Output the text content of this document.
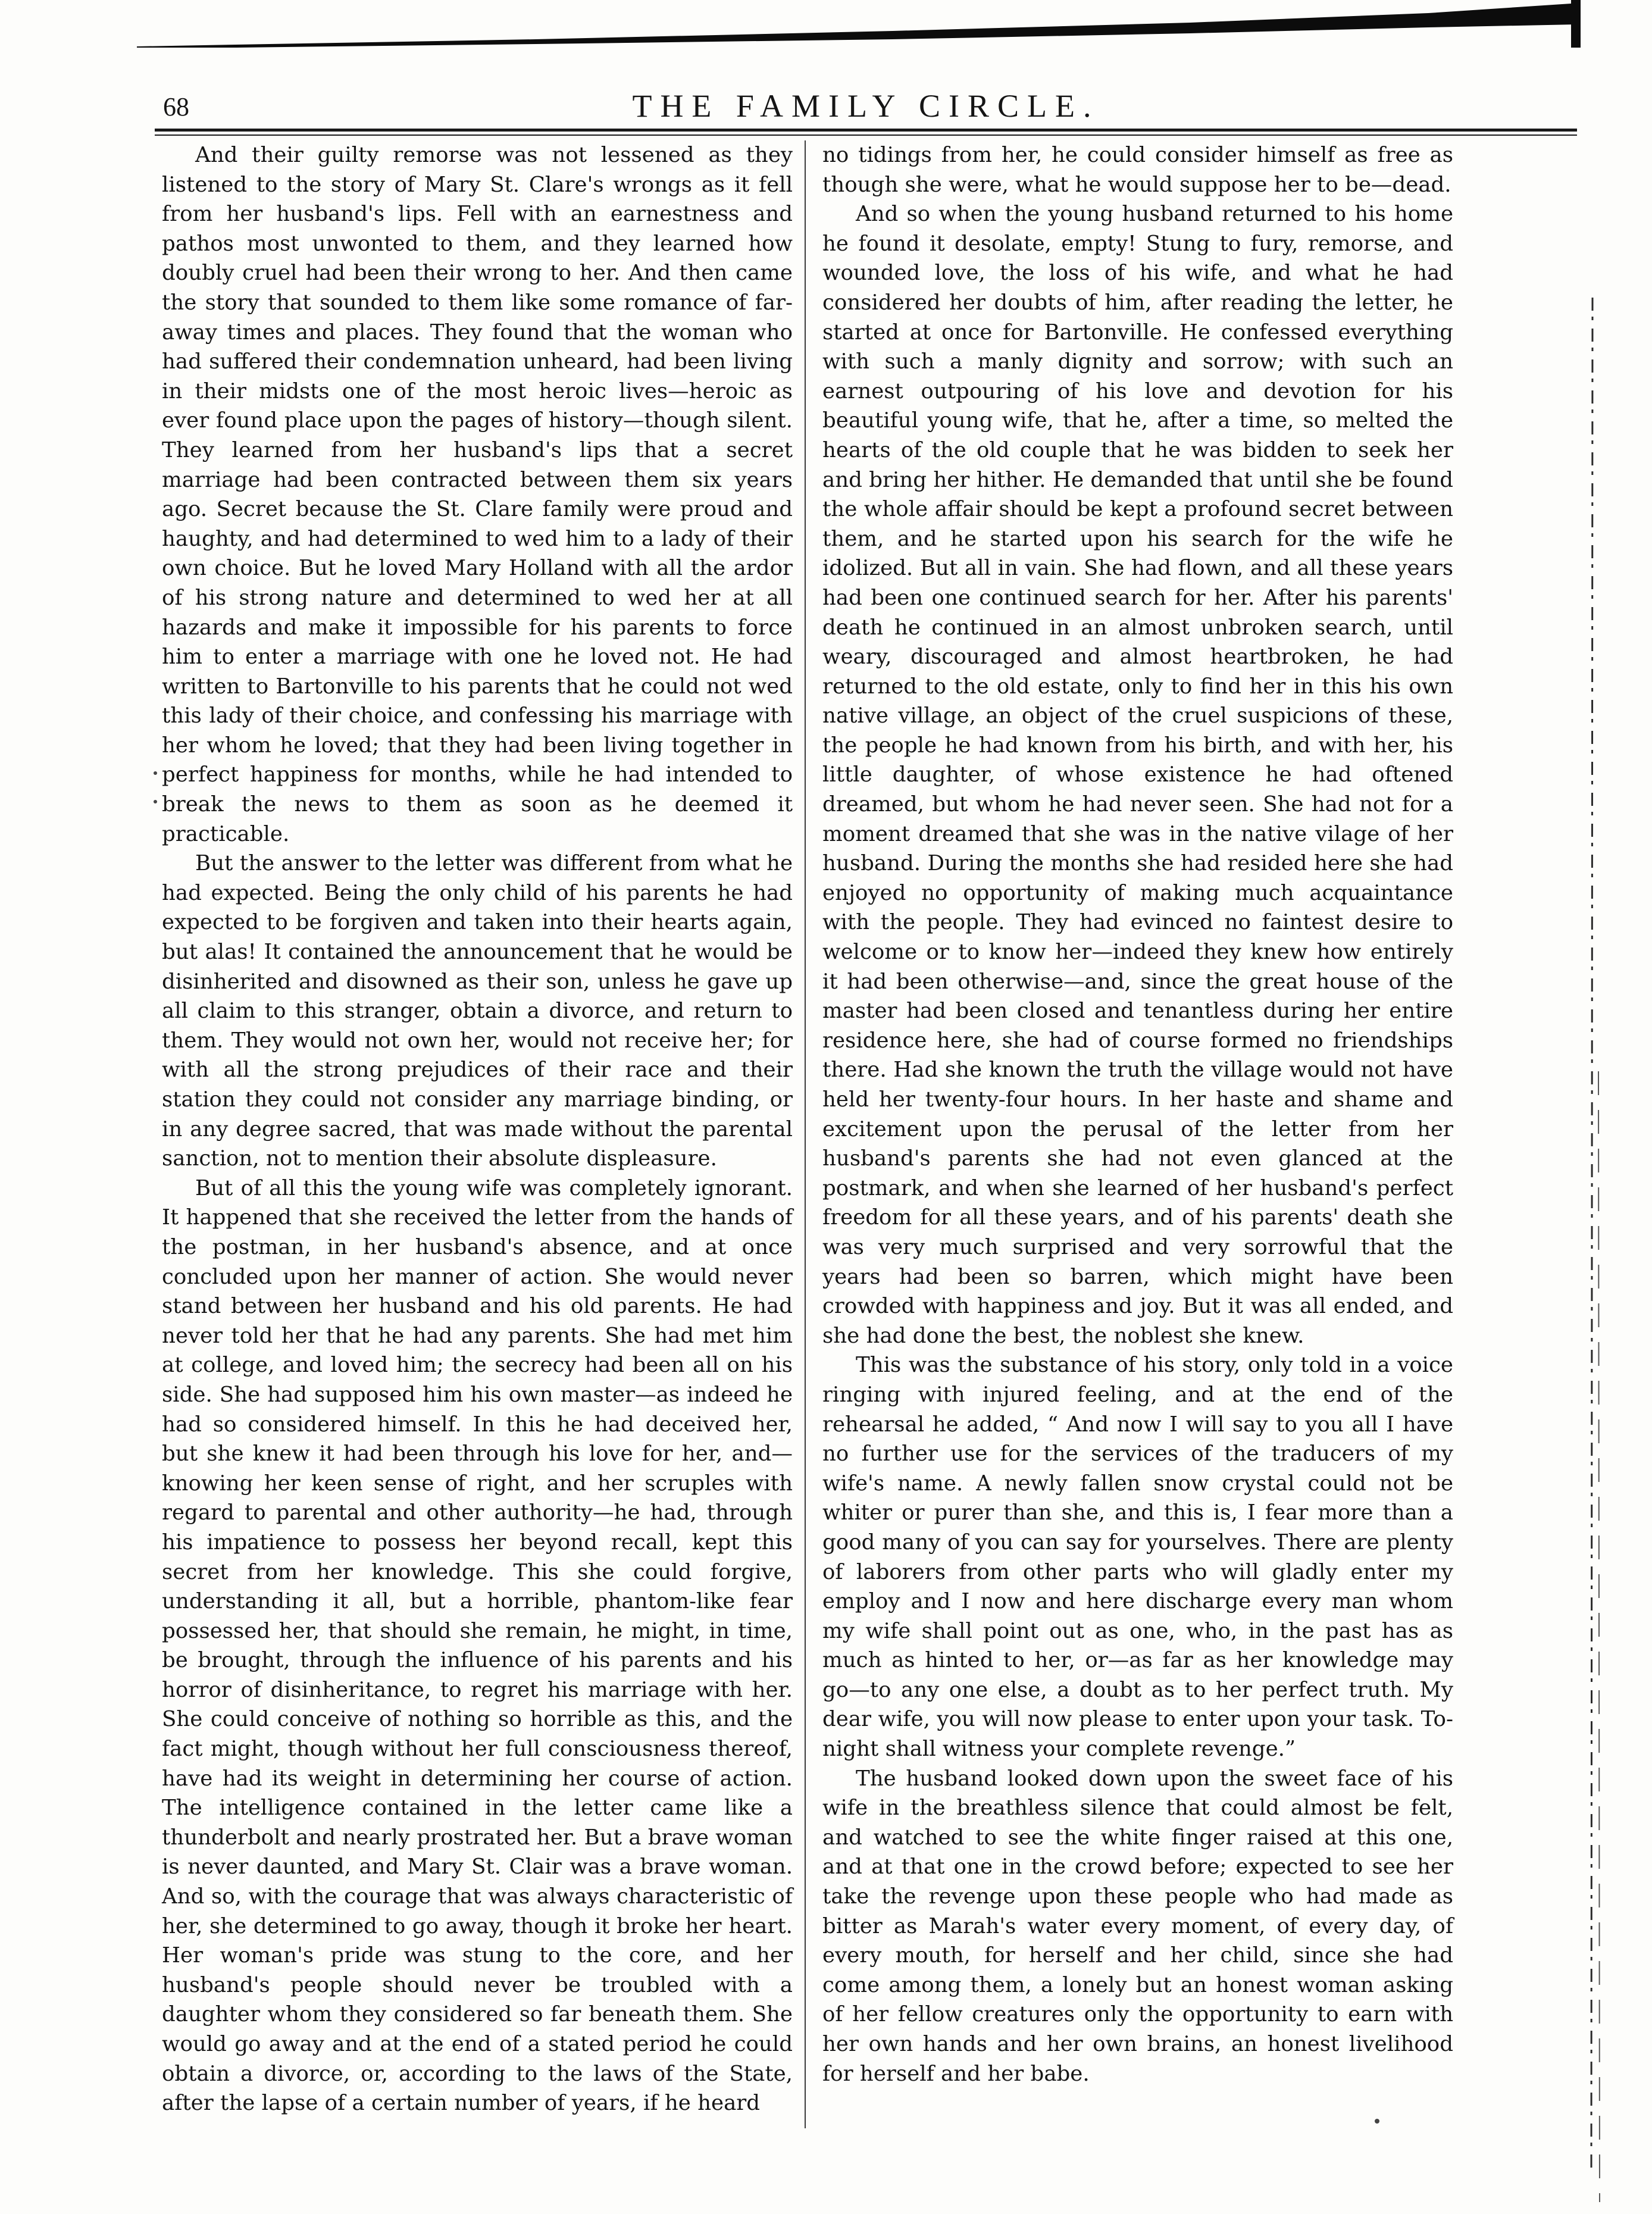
68	THE FAMILY CIRCLE.

And their guilty remorse was not lessened as they listened to the story of Mary St. Clare's wrongs as it fell from her husband's lips. Fell with an earnestness and pathos most unwonted to them, and they learned how doubly cruel had been their wrong to her. And then came the story that sounded to them like some romance of far-away times and places. They found that the woman who had suffered their condemnation unheard, had been living in their midsts one of the most heroic lives—heroic as ever found place upon the pages of history—though silent. They learned from her husband's lips that a secret marriage had been contracted between them six years ago. Secret because the St. Clare family were proud and haughty, and had determined to wed him to a lady of their own choice. But he loved Mary Holland with all the ardor of his strong nature and determined to wed her at all hazards and make it impossible for his parents to force him to enter a marriage with one he loved not. He had written to Bartonville to his parents that he could not wed this lady of their choice, and confessing his marriage with her whom he loved; that they had been living together in perfect happiness for months, while he had intended to break the news to them as soon as he deemed it practicable.

But the answer to the letter was different from what he had expected. Being the only child of his parents he had expected to be forgiven and taken into their hearts again, but alas! It contained the announcement that he would be disinherited and disowned as their son, unless he gave up all claim to this stranger, obtain a divorce, and return to them. They would not own her, would not receive her; for with all the strong prejudices of their race and their station they could not consider any marriage binding, or in any degree sacred, that was made without the parental sanction, not to mention their absolute displeasure.

But of all this the young wife was completely ignorant. It happened that she received the letter from the hands of the postman, in her husband's absence, and at once concluded upon her manner of action. She would never stand between her husband and his old parents. He had never told her that he had any parents. She had met him at college, and loved him; the secrecy had been all on his side. She had supposed him his own master—as indeed he had so considered himself. In this he had deceived her, but she knew it had been through his love for her, and—knowing her keen sense of right, and her scruples with regard to parental and other authority—he had, through his impatience to possess her beyond recall, kept this secret from her knowledge. This she could forgive, understanding it all, but a horrible, phantom-like fear possessed her, that should she remain, he might, in time, be brought, through the influence of his parents and his horror of disinheritance, to regret his marriage with her. She could conceive of nothing so horrible as this, and the fact might, though without her full consciousness thereof, have had its weight in determining her course of action. The intelligence contained in the letter came like a thunderbolt and nearly prostrated her. But a brave woman is never daunted, and Mary St. Clair was a brave woman. And so, with the courage that was always characteristic of her, she determined to go away, though it broke her heart. Her woman's pride was stung to the core, and her husband's people should never be troubled with a daughter whom they considered so far beneath them. She would go away and at the end of a stated period he could obtain a divorce, or, according to the laws of the State, after the lapse of a certain number of years, if he heard

no tidings from her, he could consider himself as free as though she were, what he would suppose her to be—dead.

And so when the young husband returned to his home he found it desolate, empty! Stung to fury, remorse, and wounded love, the loss of his wife, and what he had considered her doubts of him, after reading the letter, he started at once for Bartonville. He confessed everything with such a manly dignity and sorrow; with such an earnest outpouring of his love and devotion for his beautiful young wife, that he, after a time, so melted the hearts of the old couple that he was bidden to seek her and bring her hither. He demanded that until she be found the whole affair should be kept a profound secret between them, and he started upon his search for the wife he idolized. But all in vain. She had flown, and all these years had been one continued search for her. After his parents' death he continued in an almost unbroken search, until weary, discouraged and almost heartbroken, he had returned to the old estate, only to find her in this his own native village, an object of the cruel suspicions of these, the people he had known from his birth, and with her, his little daughter, of whose existence he had oftened dreamed, but whom he had never seen. She had not for a moment dreamed that she was in the native vilage of her husband. During the months she had resided here she had enjoyed no opportunity of making much acquaintance with the people. They had evinced no faintest desire to welcome or to know her—indeed they knew how entirely it had been otherwise—and, since the great house of the master had been closed and tenantless during her entire residence here, she had of course formed no friendships there. Had she known the truth the village would not have held her twenty-four hours. In her haste and shame and excitement upon the perusal of the letter from her husband's parents she had not even glanced at the postmark, and when she learned of her husband's perfect freedom for all these years, and of his parents' death she was very much surprised and very sorrowful that the years had been so barren, which might have been crowded with happiness and joy. But it was all ended, and she had done the best, the noblest she knew.

This was the substance of his story, only told in a voice ringing with injured feeling, and at the end of the rehearsal he added, “ And now I will say to you all I have no further use for the services of the traducers of my wife's name. A newly fallen snow crystal could not be whiter or purer than she, and this is, I fear more than a good many of you can say for yourselves. There are plenty of laborers from other parts who will gladly enter my employ and I now and here discharge every man whom my wife shall point out as one, who, in the past has as much as hinted to her, or—as far as her knowledge may go—to any one else, a doubt as to her perfect truth. My dear wife, you will now please to enter upon your task. To-night shall witness your complete revenge.”

The husband looked down upon the sweet face of his wife in the breathless silence that could almost be felt, and watched to see the white finger raised at this one, and at that one in the crowd before; expected to see her take the revenge upon these people who had made as bitter as Marah's water every moment, of every day, of every mouth, for herself and her child, since she had come among them, a lonely but an honest woman asking of her fellow creatures only the opportunity to earn with her own hands and her own brains, an honest livelihood for herself and her babe.
